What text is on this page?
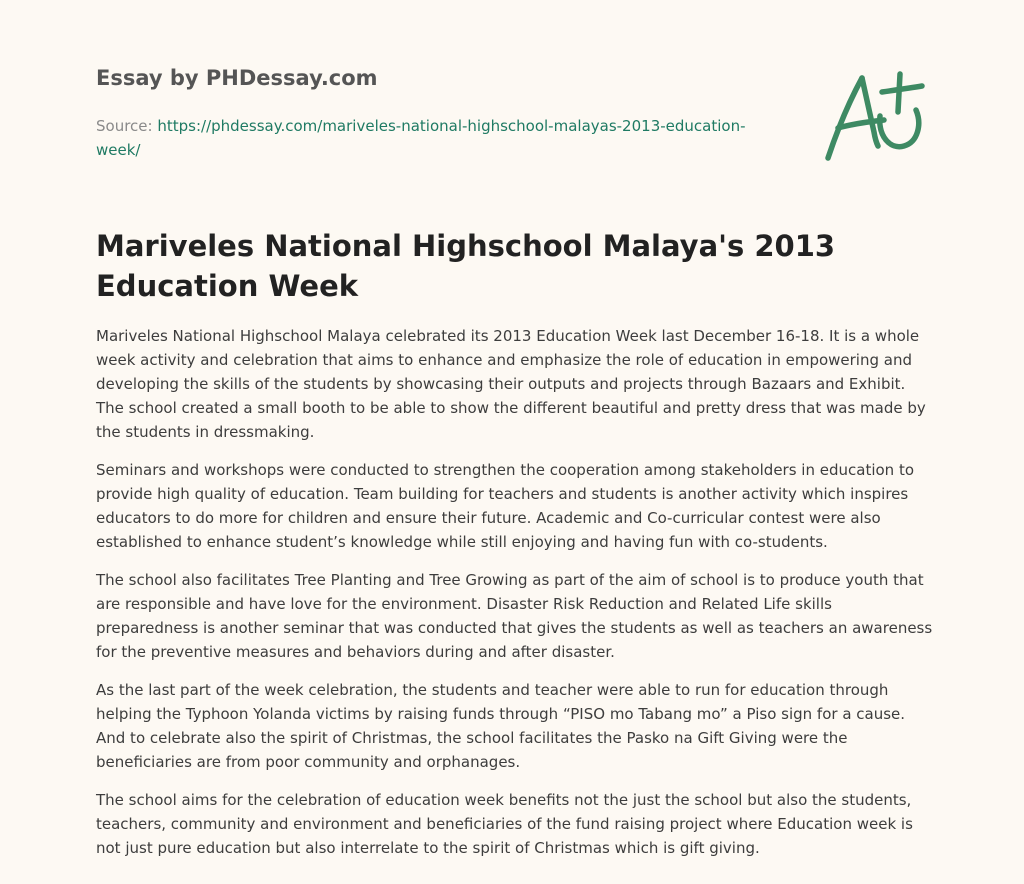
Essay by PHDessay.com
Source: https://phdessay.com/mariveles-national-highschool-malayas-2013-education-week/
Mariveles National Highschool Malaya's 2013 Education Week

Mariveles National Highschool Malaya celebrated its 2013 Education Week last December 16-18. It is a whole week activity and celebration that aims to enhance and emphasize the role of education in empowering and developing the skills of the students by showcasing their outputs and projects through Bazaars and Exhibit. The school created a small booth to be able to show the different beautiful and pretty dress that was made by the students in dressmaking.

Seminars and workshops were conducted to strengthen the cooperation among stakeholders in education to provide high quality of education. Team building for teachers and students is another activity which inspires educators to do more for children and ensure their future. Academic and Co-curricular contest were also established to enhance student’s knowledge while still enjoying and having fun with co-students.

The school also facilitates Tree Planting and Tree Growing as part of the aim of school is to produce youth that are responsible and have love for the environment. Disaster Risk Reduction and Related Life skills preparedness is another seminar that was conducted that gives the students as well as teachers an awareness for the preventive measures and behaviors during and after disaster.

As the last part of the week celebration, the students and teacher were able to run for education through helping the Typhoon Yolanda victims by raising funds through “PISO mo Tabang mo” a Piso sign for a cause. And to celebrate also the spirit of Christmas, the school facilitates the Pasko na Gift Giving were the beneficiaries are from poor community and orphanages.

The school aims for the celebration of education week benefits not the just the school but also the students, teachers, community and environment and beneficiaries of the fund raising project where Education week is not just pure education but also interrelate to the spirit of Christmas which is gift giving.
